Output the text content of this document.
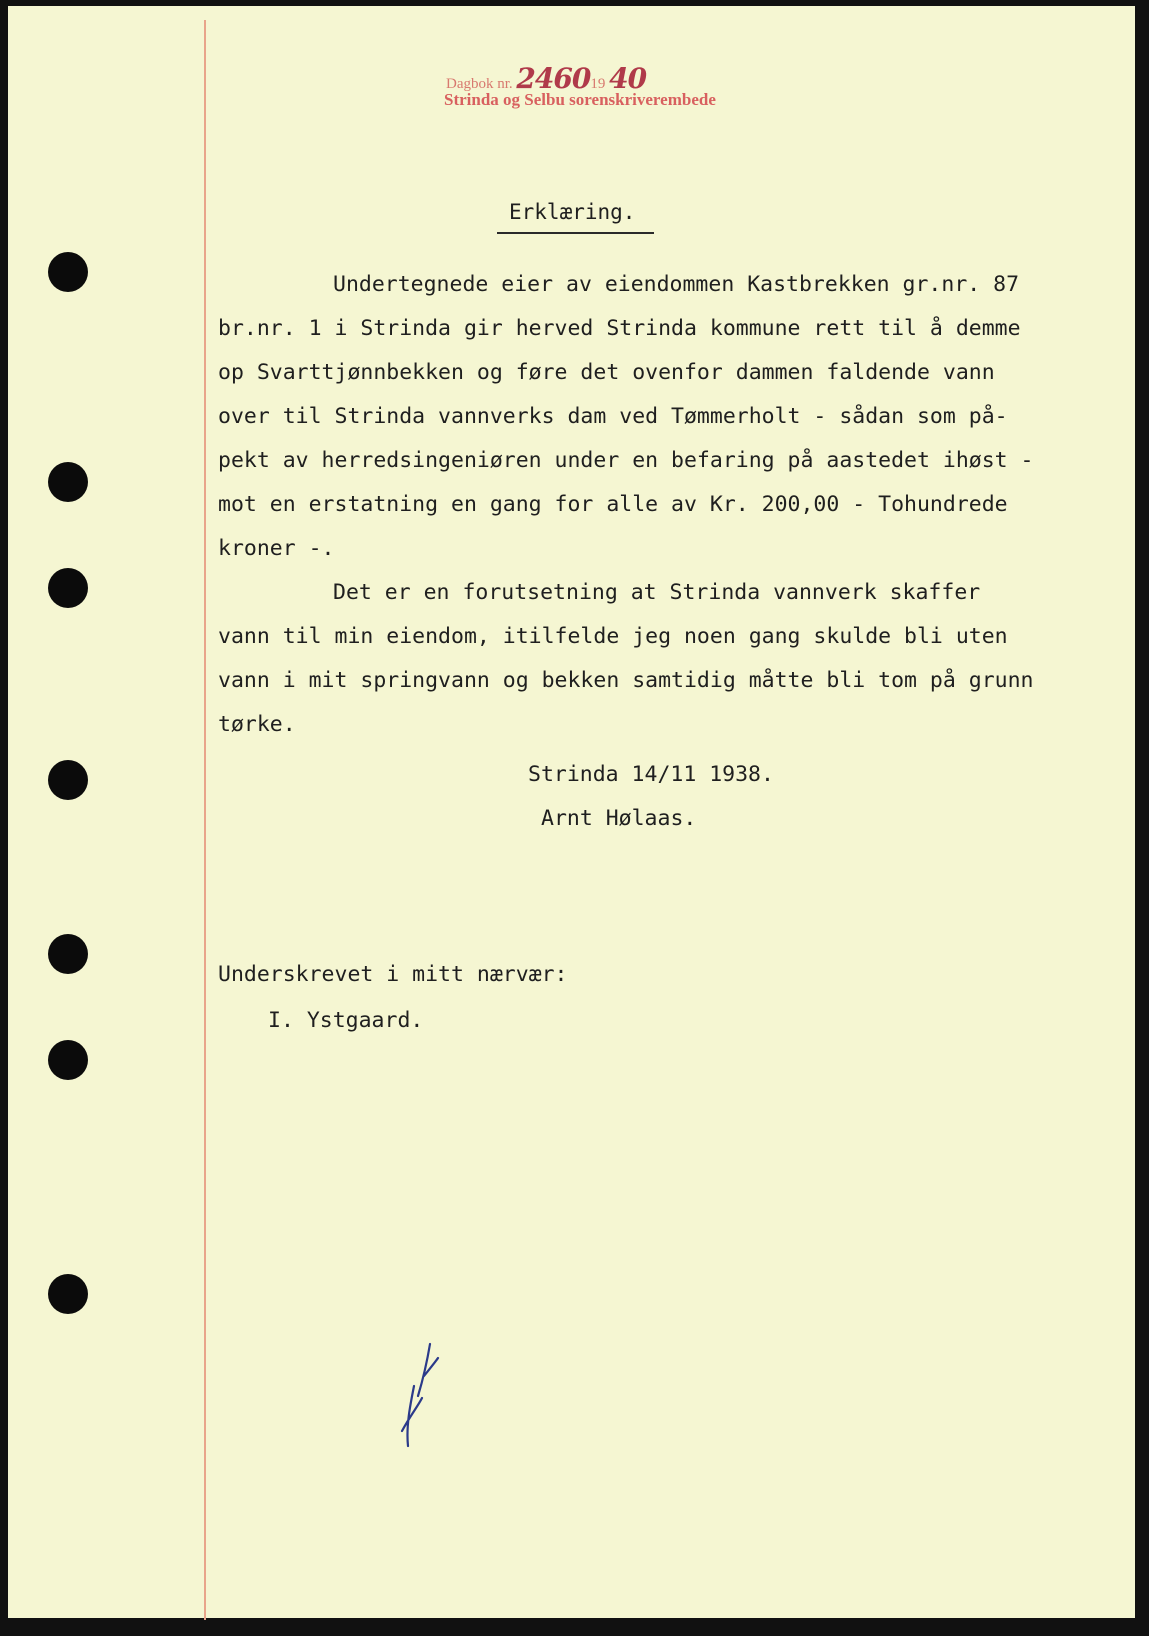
Dagbok nr. 246019 40
Strinda og Selbu sorenskriverembede
Erklæring.
Undertegnede eier av eiendommen Kastbrekken gr.nr. 87
br.nr. 1 i Strinda gir herved Strinda kommune rett til å demme
op Svarttjønnbekken og føre det ovenfor dammen faldende vann
over til Strinda vannverks dam ved Tømmerholt - sådan som på-
pekt av herredsingeniøren under en befaring på aastedet ihøst -
mot en erstatning en gang for alle av Kr. 200,00 - Tohundrede
kroner -.
Det er en forutsetning at Strinda vannverk skaffer
vann til min eiendom, itilfelde jeg noen gang skulde bli uten
vann i mit springvann og bekken samtidig måtte bli tom på grunn
tørke.
Strinda 14/11 1938.
Arnt Hølaas.
Underskrevet i mitt nærvær:
I. Ystgaard.
